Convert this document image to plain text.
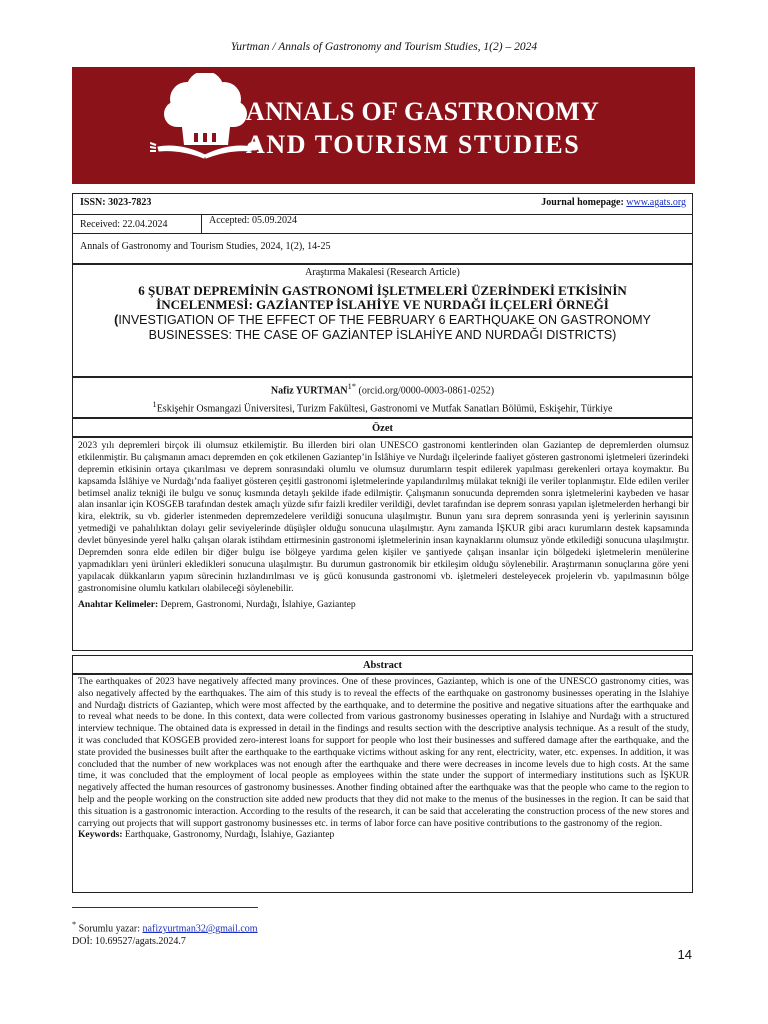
Yurtman / Annals of Gastronomy and Tourism Studies, 1(2) – 2024
ANNALS OF GASTRONOMY
AND TOURISM STUDIES
ISSN: 3023-7823	Journal homepage: www.agats.org
Received: 22.04.2024	Accepted: 05.09.2024
Annals of Gastronomy and Tourism Studies, 2024, 1(2), 14-25
Araştırma Makalesi (Research Article)
6 ŞUBAT DEPREMİNİN GASTRONOMİ İŞLETMELERİ ÜZERİNDEKİ ETKİSİNİN
İNCELENMESİ: GAZİANTEP İSLAHİYE VE NURDAĞI İLÇELERİ ÖRNEĞİ
(INVESTIGATION OF THE EFFECT OF THE FEBRUARY 6 EARTHQUAKE ON GASTRONOMY BUSINESSES: THE CASE OF GAZİANTEP İSLAHİYE AND NURDAĞI DISTRICTS)
Nafiz $YURTMAN^{1*}$ (orcid.org/0000-0003-0861-0252)
$^1$Eskişehir Osmangazi Üniversitesi, Turizm Fakültesi, Gastronomi ve Mutfak Sanatları Bölümü, Eskişehir, Türkiye
Özet
2023 yılı depremleri birçok ili olumsuz etkilemiştir. Bu illerden biri olan UNESCO gastronomi kentlerinden olan Gaziantep de depremlerden olumsuz etkilenmiştir. Bu çalışmanın amacı depremden en çok etkilenen Gaziantep’in İslâhiye ve Nurdağı ilçelerinde faaliyet gösteren gastronomi işletmeleri üzerindeki depremin etkisinin ortaya çıkarılması ve deprem sonrasındaki olumlu ve olumsuz durumların tespit edilerek yapılması gerekenleri ortaya koymaktır. Bu kapsamda İslâhiye ve Nurdağı’nda faaliyet gösteren çeşitli gastronomi işletmelerinde yapılandırılmış mülakat tekniği ile veriler toplanmıştır. Elde edilen veriler betimsel analiz tekniği ile bulgu ve sonuç kısmında detaylı şekilde ifade edilmiştir. Çalışmanın sonucunda depremden sonra işletmelerini kaybeden ve hasar alan insanlar için KOSGEB tarafından destek amaçlı yüzde sıfır faizli krediler verildiği, devlet tarafından ise deprem sonrası yapılan işletmelerden herhangi bir kira, elektrik, su vb. giderler istenmeden depremzedelere verildiği sonucuna ulaşılmıştır. Bunun yanı sıra deprem sonrasında yeni iş yerlerinin sayısının yetmediği ve pahalılıktan dolayı gelir seviyelerinde düşüşler olduğu sonucuna ulaşılmıştır. Aynı zamanda İŞKUR gibi aracı kurumların destek kapsamında devlet bünyesinde yerel halkı çalışan olarak istihdam ettirmesinin gastronomi işletmelerinin insan kaynaklarını olumsuz yönde etkilediği sonucuna ulaşılmıştır. Depremden sonra elde edilen bir diğer bulgu ise bölgeye yardıma gelen kişiler ve şantiyede çalışan insanlar için bölgedeki işletmelerin menülerine yapmadıkları yeni ürünleri ekledikleri sonucuna ulaşılmıştır. Bu durumun gastronomik bir etkileşim olduğu söylenebilir. Araştırmanın sonuçlarına göre yeni yapılacak dükkanların yapım sürecinin hızlandırılması ve iş gücü konusunda gastronomi vb. işletmeleri desteleyecek projelerin vb. yapılmasının bölge gastronomisine olumlu katkıları olabileceği söylenebilir.
Anahtar Kelimeler: Deprem, Gastronomi, Nurdağı, İslahiye, Gaziantep
Abstract
The earthquakes of 2023 have negatively affected many provinces. One of these provinces, Gaziantep, which is one of the UNESCO gastronomy cities, was also negatively affected by the earthquakes. The aim of this study is to reveal the effects of the earthquake on gastronomy businesses operating in the Islahiye and Nurdağı districts of Gaziantep, which were most affected by the earthquake, and to determine the positive and negative situations after the earthquake and to reveal what needs to be done. In this context, data were collected from various gastronomy businesses operating in Islahiye and Nurdağı with a structured interview technique. The obtained data is expressed in detail in the findings and results section with the descriptive analysis technique. As a result of the study, it was concluded that KOSGEB provided zero-interest loans for support for people who lost their businesses and suffered damage after the earthquake, and the state provided the businesses built after the earthquake to the earthquake victims without asking for any rent, electricity, water, etc. expenses. In addition, it was concluded that the number of new workplaces was not enough after the earthquake and there were decreases in income levels due to high costs. At the same time, it was concluded that the employment of local people as employees within the state under the support of intermediary institutions such as İŞKUR negatively affected the human resources of gastronomy businesses. Another finding obtained after the earthquake was that the people who came to the region to help and the people working on the construction site added new products that they did not make to the menus of the businesses in the region. It can be said that this situation is a gastronomic interaction. According to the results of the research, it can be said that accelerating the construction process of the new stores and carrying out projects that will support gastronomy businesses etc. in terms of labor force can have positive contributions to the gastronomy of the region.
Keywords: Earthquake, Gastronomy, Nurdağı, İslahiye, Gaziantep
* Sorumlu yazar: nafizyurtman32@gmail.com
DOİ: 10.69527/agats.2024.7
14
